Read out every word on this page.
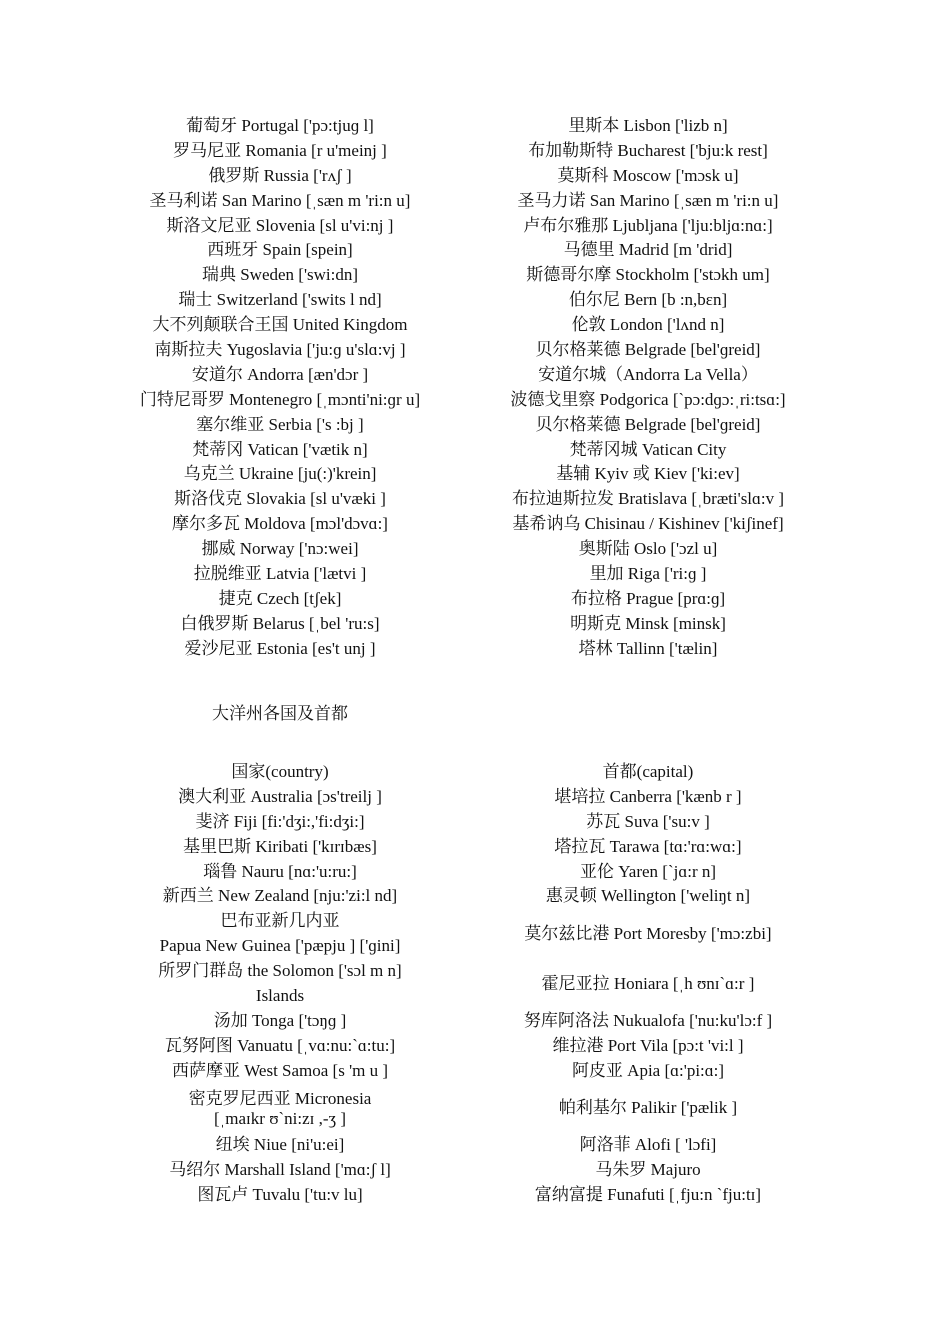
葡萄牙 Portugal ['pɔ:tjuɡ l]
罗马尼亚 Romania [r u'meinj ]
俄罗斯 Russia ['rʌʃ ]
圣马利诺 San Marino [ˌsæn m 'ri:n u]
斯洛文尼亚 Slovenia [sl u'vi:nj ]
西班牙 Spain [spein]
瑞典 Sweden ['swi:dn]
瑞士 Switzerland ['swits l nd]
大不列颠联合王国 United Kingdom
南斯拉夫 Yugoslavia ['ju:ɡ u'slɑ:vj ]
安道尔 Andorra [æn'dɔr ]
门特尼哥罗 Montenegro [ˌmɔnti'ni:ɡr u]
塞尔维亚 Serbia ['s :bj ]
梵蒂冈 Vatican ['vætik n]
乌克兰 Ukraine [ju(:)'krein]
斯洛伐克 Slovakia [sl u'væki ]
摩尔多瓦 Moldova [mɔl'dɔvɑ:]
挪威 Norway ['nɔ:wei]
拉脱维亚 Latvia ['lætvi ]
捷克 Czech [tʃek]
白俄罗斯 Belarus [ˌbel 'ru:s]
爱沙尼亚 Estonia [es't unj ]
里斯本 Lisbon ['lizb n]
布加勒斯特 Bucharest ['bju:k rest]
莫斯科 Moscow ['mɔsk u]
圣马力诺 San Marino [ˌsæn m 'ri:n u]
卢布尔雅那 Ljubljana ['lju:bljɑ:nɑ:]
马德里 Madrid [m 'drid]
斯德哥尔摩 Stockholm ['stɔkh um]
伯尔尼 Bern [b :n,bɛn]
伦敦 London ['lʌnd n]
贝尔格莱德 Belgrade [bel'ɡreid]
安道尔城（Andorra La Vella）
波德戈里察 Podgorica [`pɔ:dɡɔ:ˌri:tsɑ:]
贝尔格莱德 Belgrade [bel'ɡreid]
梵蒂冈城 Vatican City
基辅 Kyiv 或 Kiev ['ki:ev]
布拉迪斯拉发 Bratislava [ˌbræti'slɑ:v ]
基希讷乌 Chisinau / Kishinev ['kiʃinef]
奥斯陆 Oslo ['ɔzl u]
里加 Riga ['ri:ɡ ]
布拉格 Prague [prɑ:ɡ]
明斯克 Minsk [minsk]
塔林 Tallinn ['tælin]
大洋州各国及首都
国家(country)
澳大利亚 Australia [ɔs'treilj ]
斐济 Fiji [fi:'dʒi:,'fi:dʒi:]
基里巴斯 Kiribati ['kɪrɪbæs]
瑙鲁 Nauru [nɑ:'u:ru:]
新西兰 New Zealand [nju:'zi:l nd]
巴布亚新几内亚
Papua New Guinea ['pæpju ] ['ɡini]
所罗门群岛 the Solomon ['sɔl m n]
Islands
汤加 Tonga ['tɔŋɡ ]
瓦努阿图 Vanuatu [ˌvɑ:nu:`ɑ:tu:]
西萨摩亚 West Samoa [s 'm u ]
密克罗尼西亚 Micronesia
[ˌmaɪkr ʊ`ni:zɪ ,-ʒ ]
纽埃 Niue [ni'u:ei]
马绍尔 Marshall Island ['mɑ:ʃ l]
图瓦卢 Tuvalu ['tu:v lu]
首都(capital)
堪培拉 Canberra ['kænb r ]
苏瓦 Suva ['su:v ]
塔拉瓦 Tarawa [tɑ:'rɑ:wɑ:]
亚伦 Yaren [`jɑ:r n]
惠灵顿 Wellington ['weliŋt n]
莫尔兹比港 Port Moresby ['mɔ:zbi]
霍尼亚拉 Honiara [ˌh ʊnɪ`ɑ:r ]
努库阿洛法 Nukualofa ['nu:ku'lɔ:f ]
维拉港 Port Vila [pɔ:t 'vi:l ]
阿皮亚 Apia [ɑ:'pi:ɑ:]
帕利基尔 Palikir ['pælik ]
阿洛菲 Alofi [ 'lɔfi]
马朱罗 Majuro
富纳富提 Funafuti [ˌfju:n `fju:tɪ]
